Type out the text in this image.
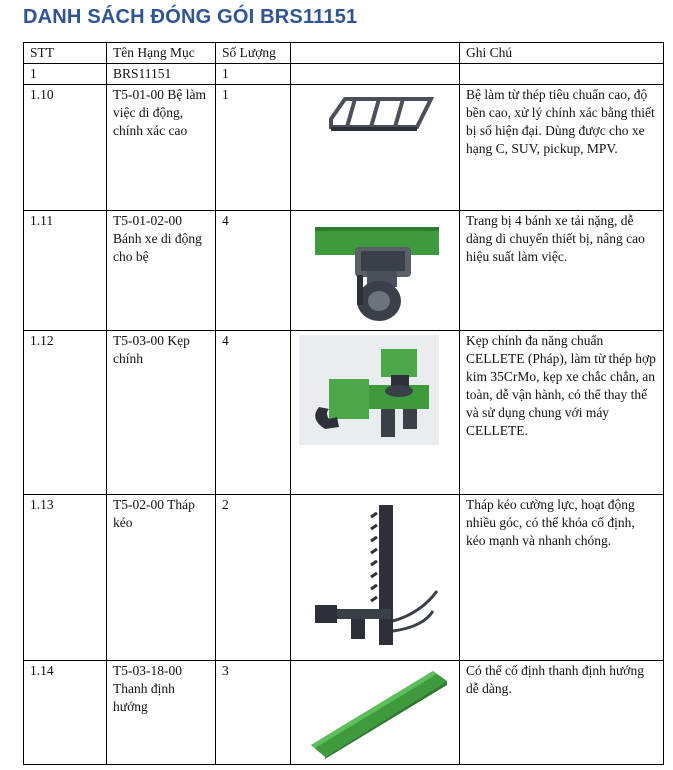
DANH SÁCH ĐÓNG GÓI BRS11151
STT	Tên Hạng Mục	Số Lượng		Ghi Chú
1	BRS11151	1		
1.10	T5-01-00 Bệ làm việc di động, chính xác cao	1		Bệ làm từ thép tiêu chuẩn cao, độ bền cao, xử lý chính xác bằng thiết bị số hiện đại. Dùng được cho xe hạng C, SUV, pickup, MPV.
1.11	T5-01-02-00 Bánh xe di động cho bệ	4		Trang bị 4 bánh xe tải nặng, dễ dàng di chuyển thiết bị, nâng cao hiệu suất làm việc.
1.12	T5-03-00 Kẹp chính	4		Kẹp chính đa năng chuẩn CELLETE (Pháp), làm từ thép hợp kim 35CrMo, kẹp xe chắc chắn, an toàn, dễ vận hành, có thể thay thế và sử dụng chung với máy CELLETE.
1.13	T5-02-00 Tháp kéo	2		Tháp kéo cường lực, hoạt động nhiều góc, có thể khóa cố định, kéo mạnh và nhanh chóng.
1.14	T5-03-18-00 Thanh định hướng	3		Có thể cố định thanh định hướng dễ dàng.
